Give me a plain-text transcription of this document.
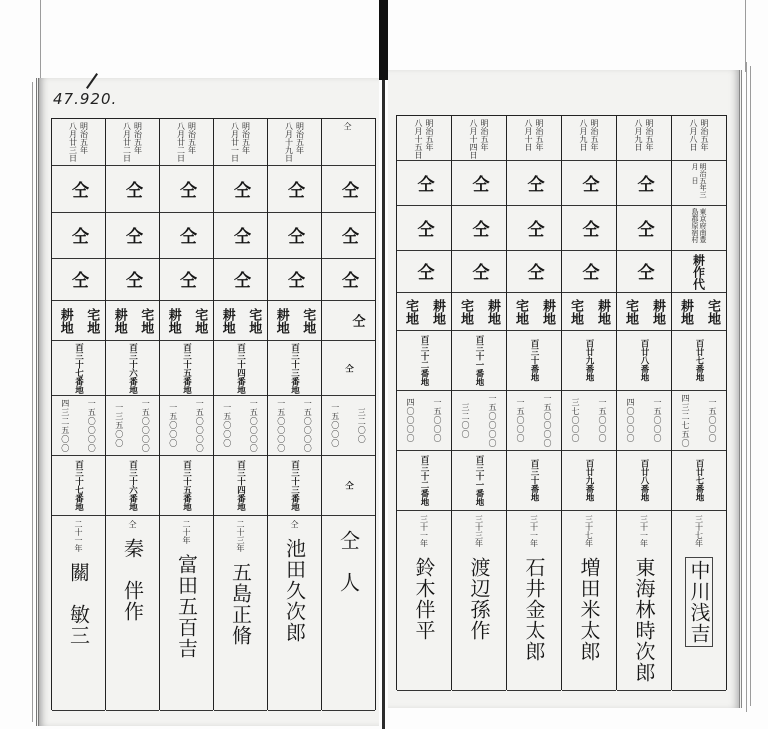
47.920.
明治五年
八月廿三日
仝
仝
仝
耕地 宅地
百三十七番地
四三二五〇〇 一五〇〇〇〇
百三十七番地
二十一年
關　敏三
明治五年
八月廿二日
仝
仝
仝
耕地 宅地
百三十六番地
一三五〇〇 一五〇〇〇〇
百三十六番地
仝
秦　伴作
明治五年
八月廿二日
仝
仝
仝
耕地 宅地
百三十五番地
一五〇〇〇 一五〇〇〇〇
百三十五番地
二十年
富田五百吉
明治五年
八月廿一日
仝
仝
仝
耕地 宅地
百三十四番地
一五〇〇〇 一五〇〇〇〇
百三十四番地
二十三年
五島正脩
明治五年
八月十九日
仝
仝
仝
耕地 宅地
百三十三番地
一五〇〇〇〇 一五〇〇〇〇
百三十三番地
仝
池田久次郎
仝
仝
仝
仝
仝
仝
一五〇〇〇 三二〇〇
仝
仝　人
明治五年
八月十五日
仝
仝
仝
宅地 耕地
百三十二番地
四〇〇〇〇 一五〇〇〇
百三十二番地
三十一年
鈴木伴平
明治五年
八月十四日
仝
仝
仝
宅地 耕地
百三十一番地
三二〇〇 一五〇〇〇〇
百三十一番地
三十三年
渡辺孫作
明治五年
八月十日
仝
仝
仝
宅地 耕地
百三十番地
一五〇〇〇 一五〇〇〇〇
百三十番地
三十一年
石井金太郎
明治五年
八月九日
仝
仝
仝
宅地 耕地
百廿九番地
三七〇〇〇 一五〇〇〇
百廿九番地
三十七年
増田米太郎
明治五年
八月九日
仝
仝
仝
宅地 耕地
百廿八番地
四〇〇〇〇 一五〇〇〇
百廿八番地
三十一年
東海林時次郎
明治五年
八月八日
明治五年三月　日
東京府南豊島郡原宿村
耕作代
耕地 宅地
百廿七番地
四三二七五〇 一五〇〇〇
百廿七番地
三十七年
中川浅吉
